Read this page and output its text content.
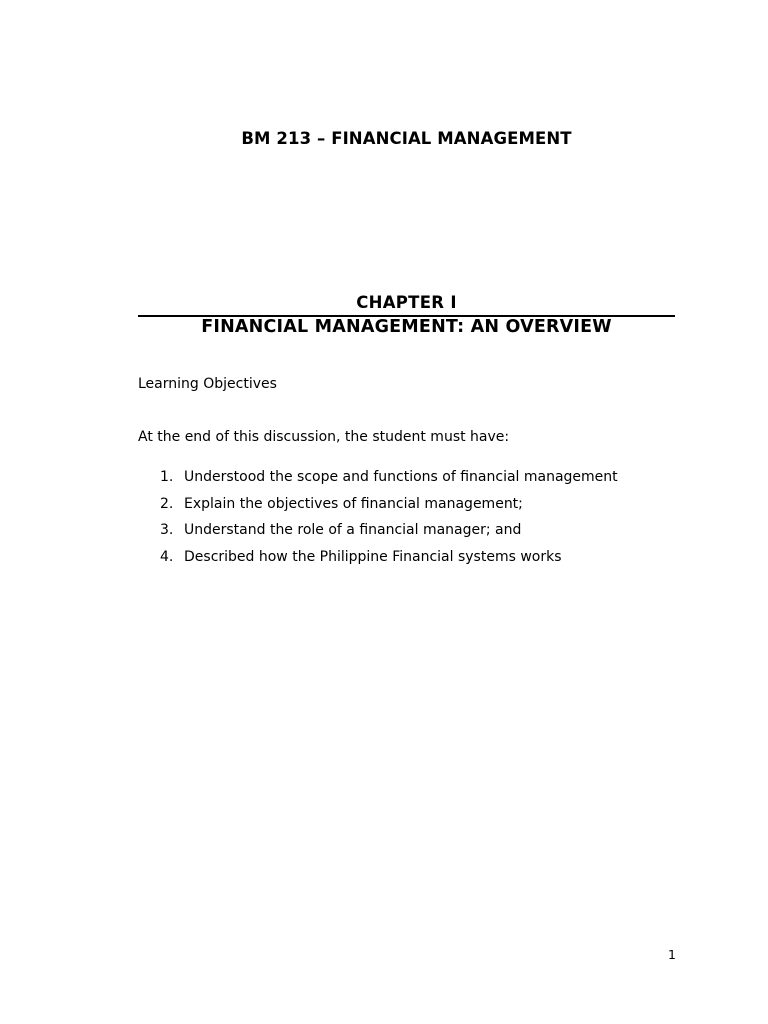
BM 213 – FINANCIAL MANAGEMENT
CHAPTER I
FINANCIAL MANAGEMENT: AN OVERVIEW
Learning Objectives
At the end of this discussion, the student must have:
1. Understood the scope and functions of financial management
2. Explain the objectives of financial management;
3. Understand the role of a financial manager; and
4. Described how the Philippine Financial systems works
1
